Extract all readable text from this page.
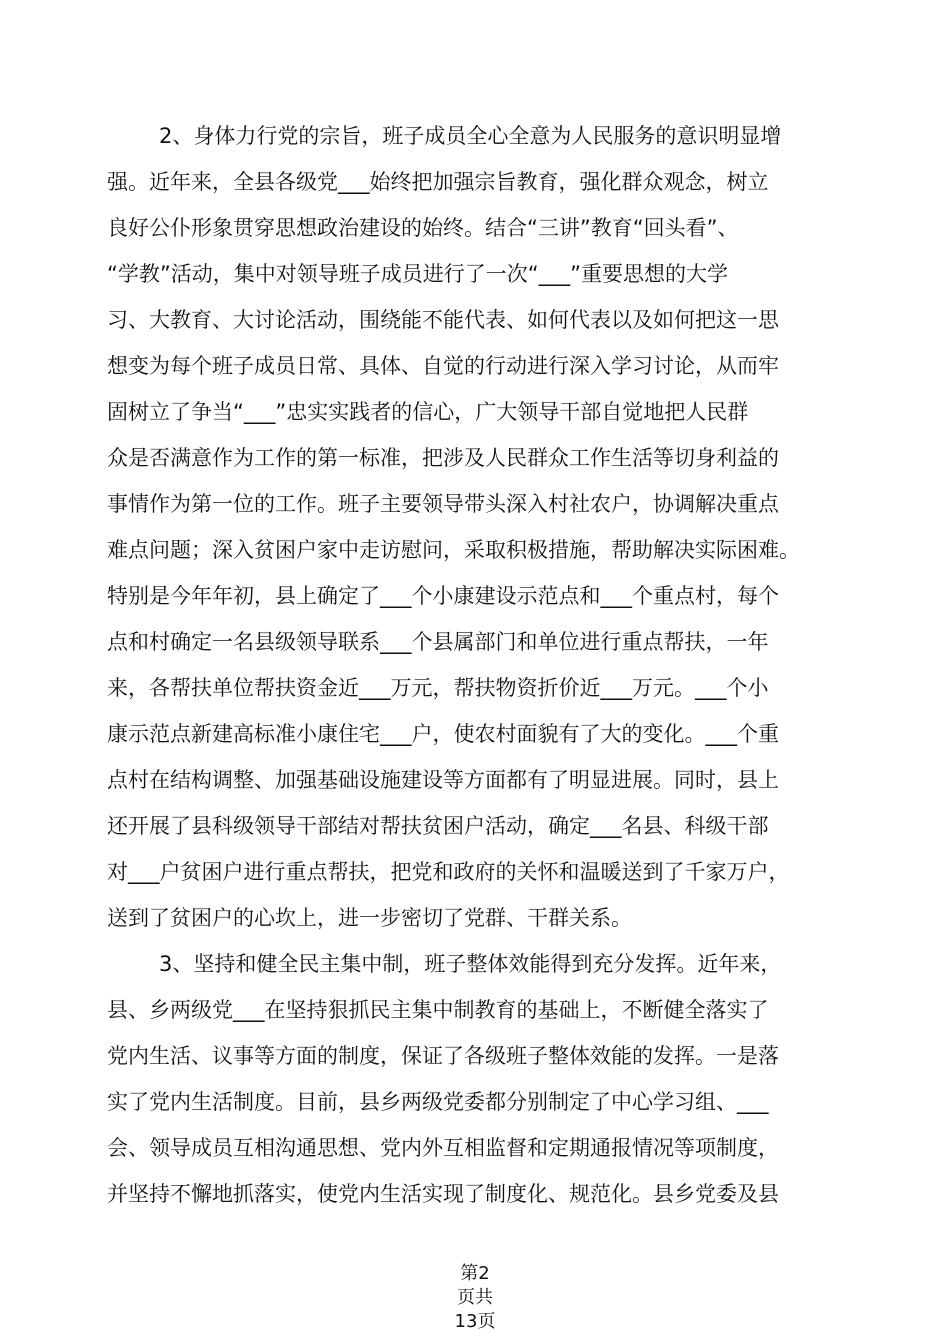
2、身体力行党的宗旨，班子成员全心全意为人民服务的意识明显增
强。近年来，全县各级党___始终把加强宗旨教育，强化群众观念，树立
良好公仆形象贯穿思想政治建设的始终。结合“三讲”教育“回头看”、
“学教”活动，集中对领导班子成员进行了一次“___”重要思想的大学
习、大教育、大讨论活动，围绕能不能代表、如何代表以及如何把这一思
想变为每个班子成员日常、具体、自觉的行动进行深入学习讨论，从而牢
固树立了争当“___”忠实实践者的信心，广大领导干部自觉地把人民群
众是否满意作为工作的第一标准，把涉及人民群众工作生活等切身利益的
事情作为第一位的工作。班子主要领导带头深入村社农户，协调解决重点
难点问题；深入贫困户家中走访慰问，采取积极措施，帮助解决实际困难。
特别是今年年初，县上确定了___个小康建设示范点和___个重点村，每个
点和村确定一名县级领导联系___个县属部门和单位进行重点帮扶，一年
来，各帮扶单位帮扶资金近___万元，帮扶物资折价近___万元。___个小
康示范点新建高标准小康住宅___户，使农村面貌有了大的变化。___个重
点村在结构调整、加强基础设施建设等方面都有了明显进展。同时，县上
还开展了县科级领导干部结对帮扶贫困户活动，确定___名县、科级干部
对___户贫困户进行重点帮扶，把党和政府的关怀和温暖送到了千家万户，
送到了贫困户的心坎上，进一步密切了党群、干群关系。
3、坚持和健全民主集中制，班子整体效能得到充分发挥。近年来，
县、乡两级党___在坚持狠抓民主集中制教育的基础上，不断健全落实了
党内生活、议事等方面的制度，保证了各级班子整体效能的发挥。一是落
实了党内生活制度。目前，县乡两级党委都分别制定了中心学习组、___
会、领导成员互相沟通思想、党内外互相监督和定期通报情况等项制度，
并坚持不懈地抓落实，使党内生活实现了制度化、规范化。县乡党委及县
第2
页共
13页
